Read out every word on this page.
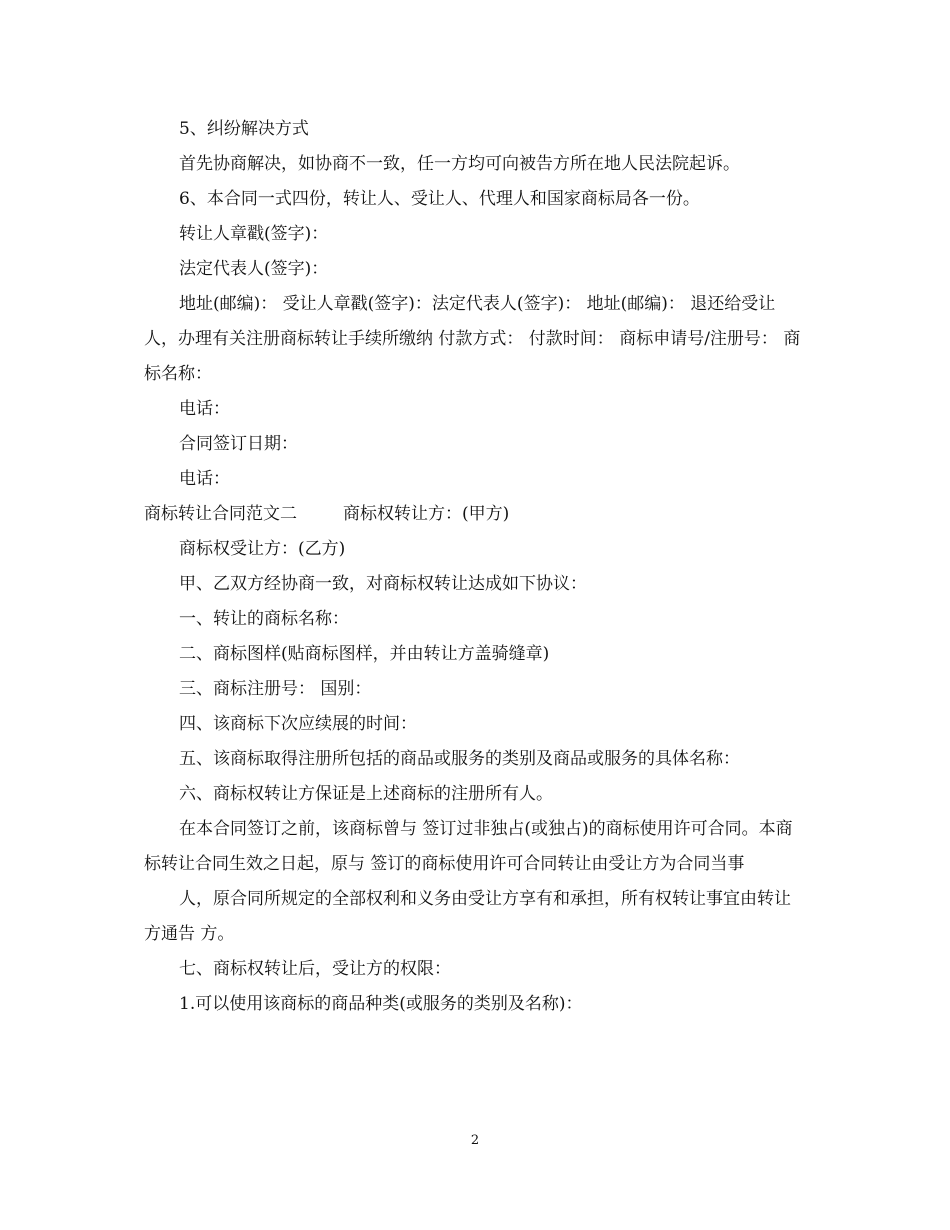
5、纠纷解决方式

首先协商解决，如协商不一致，任一方均可向被告方所在地人民法院起诉。

6、本合同一式四份，转让人、受让人、代理人和国家商标局各一份。

转让人章戳(签字)：

法定代表人(签字)：

地址(邮编)： 受让人章戳(签字)：法定代表人(签字)： 地址(邮编)： 退还给受让人，办理有关注册商标转让手续所缴纳 付款方式： 付款时间： 商标申请号/注册号： 商标名称：

电话：

合同签订日期：

电话：

商标转让合同范文二	商标权转让方：(甲方)

商标权受让方：(乙方)

甲、乙双方经协商一致，对商标权转让达成如下协议：

一、转让的商标名称：

二、商标图样(贴商标图样，并由转让方盖骑缝章)

三、商标注册号： 国别：

四、该商标下次应续展的时间：

五、该商标取得注册所包括的商品或服务的类别及商品或服务的具体名称：

六、商标权转让方保证是上述商标的注册所有人。

在本合同签订之前，该商标曾与 签订过非独占(或独占)的商标使用许可合同。本商标转让合同生效之日起，原与 签订的商标使用许可合同转让由受让方为合同当事

人，原合同所规定的全部权利和义务由受让方享有和承担，所有权转让事宜由转让方通告 方。

七、商标权转让后，受让方的权限：

1.可以使用该商标的商品种类(或服务的类别及名称)：

2
